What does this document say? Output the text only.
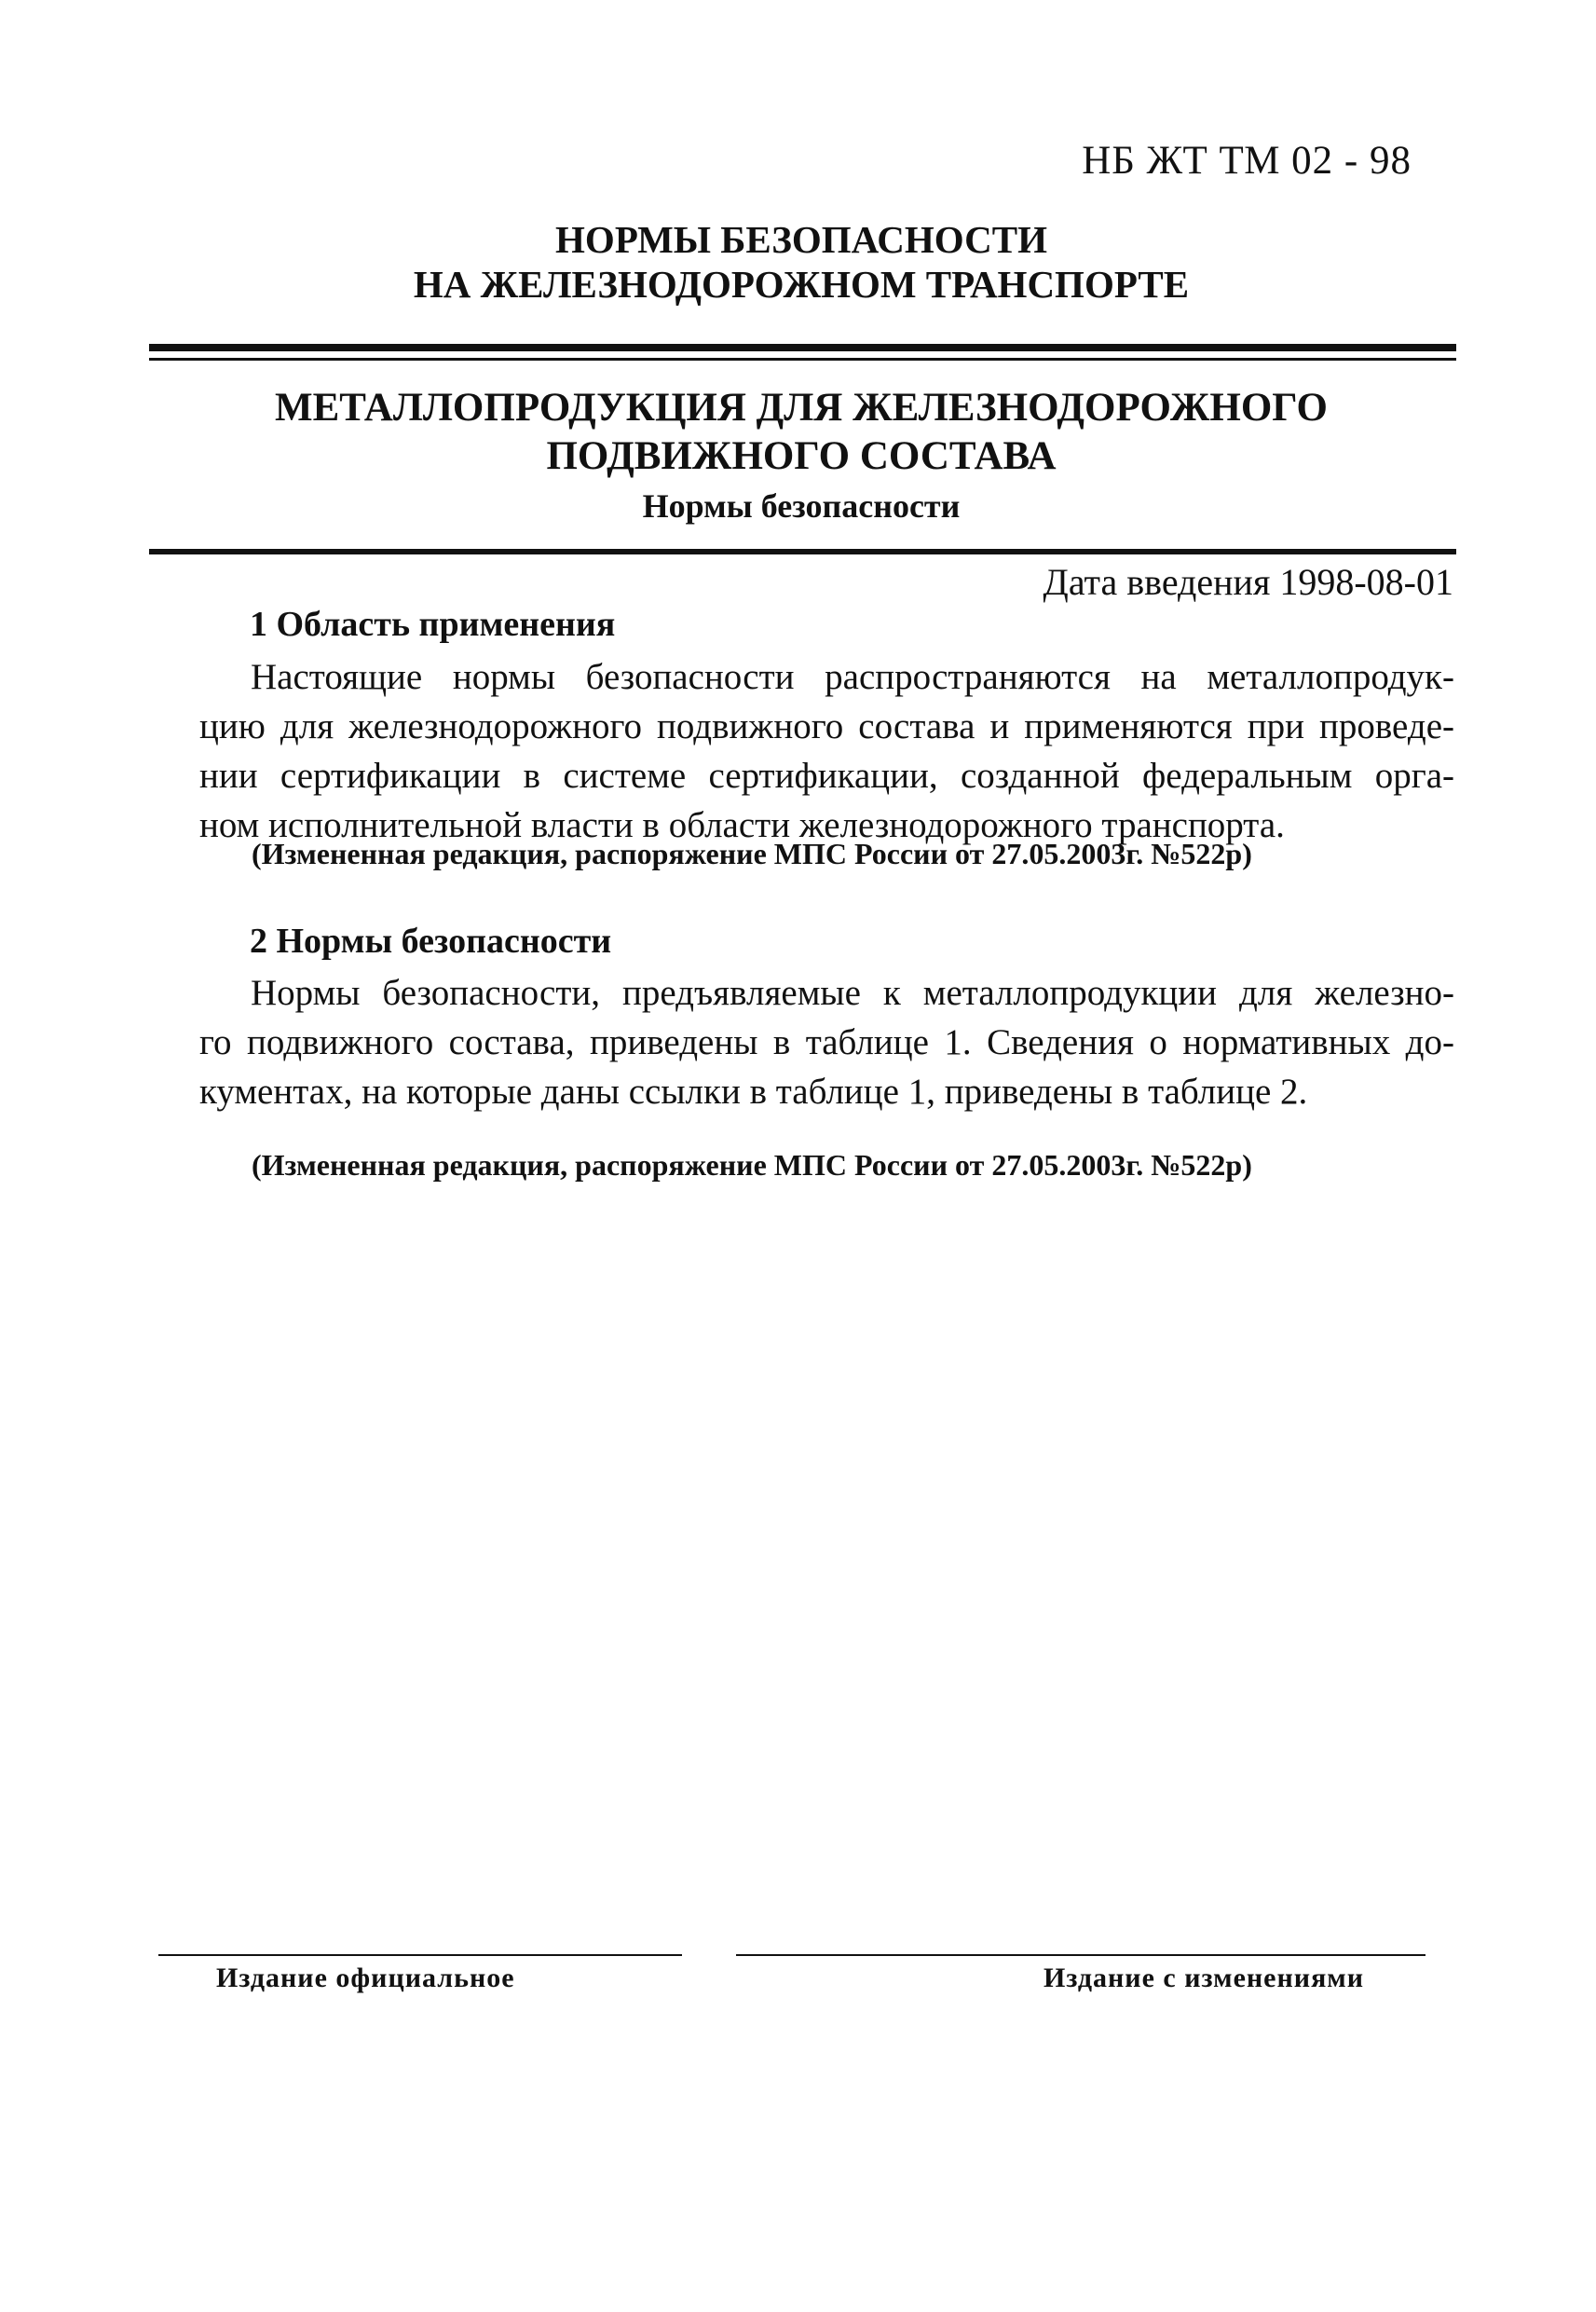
НБ ЖТ ТМ 02 - 98
НОРМЫ БЕЗОПАСНОСТИ
НА ЖЕЛЕЗНОДОРОЖНОМ ТРАНСПОРТЕ
МЕТАЛЛОПРОДУКЦИЯ ДЛЯ ЖЕЛЕЗНОДОРОЖНОГО
ПОДВИЖНОГО СОСТАВА
Нормы безопасности
Дата введения 1998-08-01
1 Область применения
Настоящие нормы безопасности распространяются на металлопродук-
цию для железнодорожного подвижного состава и применяются при проведе-
нии сертификации в системе сертификации, созданной федеральным орга-
ном исполнительной власти в области железнодорожного транспорта.
(Измененная редакция, распоряжение МПС России от 27.05.2003г. №522р)
2 Нормы безопасности
Нормы безопасности, предъявляемые к металлопродукции для железно-
го подвижного состава, приведены в таблице 1. Сведения о нормативных до-
кументах, на которые даны ссылки в таблице 1, приведены в таблице 2.
(Измененная редакция, распоряжение МПС России от 27.05.2003г. №522р)
Издание официальное	Издание с изменениями
